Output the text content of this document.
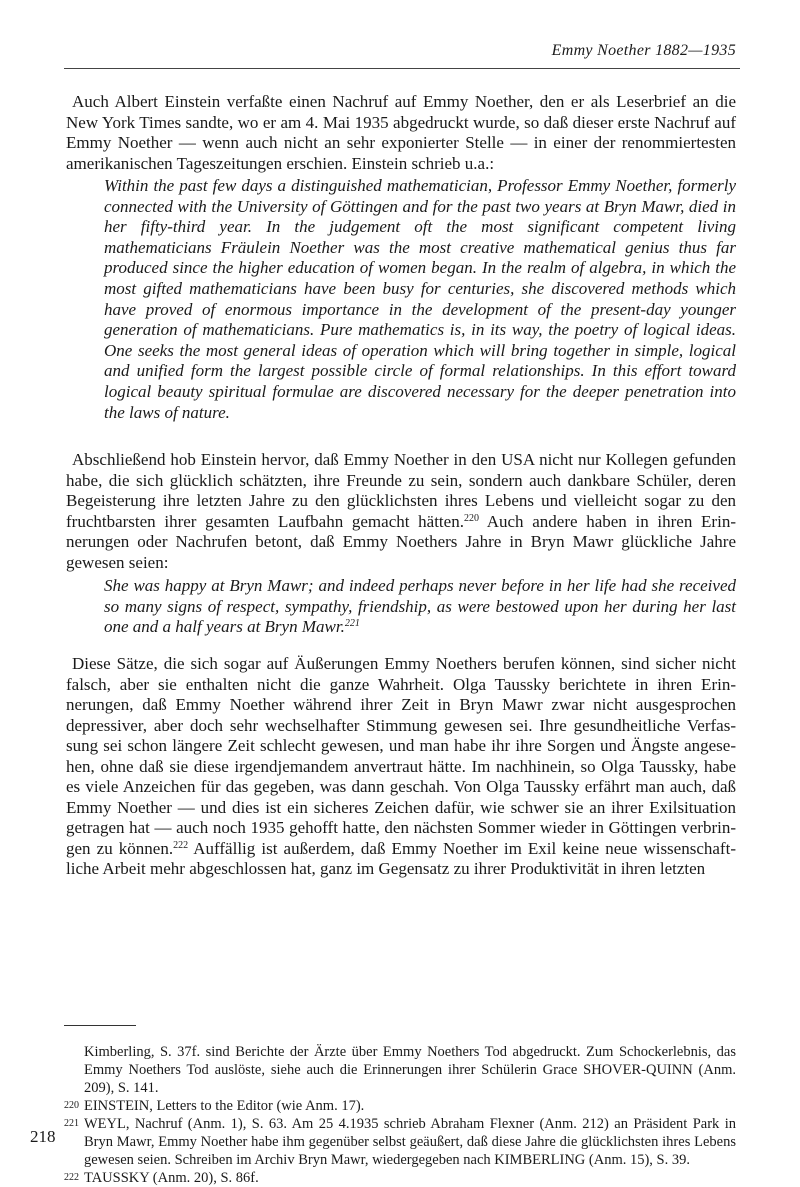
Emmy Noether 1882—1935

Auch Albert Einstein verfaßte einen Nachruf auf Emmy Noether, den er als Leserbrief an die New York Times sandte, wo er am 4. Mai 1935 abgedruckt wurde, so daß dieser erste Nachruf auf Emmy Noether — wenn auch nicht an sehr exponierter Stelle — in einer der renommiertesten amerikanischen Tageszeitungen erschien. Einstein schrieb u.a.:

Within the past few days a distinguished mathematician, Professor Emmy Noether, formerly connected with the University of Göttingen and for the past two years at Bryn Mawr, died in her fifty-third year. In the judgement oft the most significant competent living mathematicians Fräulein Noether was the most creative mathematical genius thus far produced since the higher education of women began. In the realm of algebra, in which the most gifted mathematicians have been busy for centuries, she discovered methods which have proved of enormous importance in the development of the present-day younger generation of mathematicians. Pure mathematics is, in its way, the poetry of logical ideas. One seeks the most general ideas of operation which will bring together in simple, logical and unified form the largest possible circle of formal relationships. In this effort toward logical beauty spiritual formulae are discovered necessary for the deeper penetration into the laws of nature.

Abschließend hob Einstein hervor, daß Emmy Noether in den USA nicht nur Kollegen gefunden habe, die sich glücklich schätzten, ihre Freunde zu sein, sondern auch dankbare Schüler, deren Begeisterung ihre letzten Jahre zu den glücklichsten ihres Lebens und vielleicht sogar zu den fruchtbarsten ihrer gesamten Laufbahn gemacht hätten.$^{220}$ Auch andere haben in ihren Erinnerungen oder Nachrufen betont, daß Emmy Noethers Jahre in Bryn Mawr glückliche Jahre gewesen seien:

She was happy at Bryn Mawr; and indeed perhaps never before in her life had she received so many signs of respect, sympathy, friendship, as were bestowed upon her during her last one and a half years at Bryn Mawr.$^{221}$

Diese Sätze, die sich sogar auf Äußerungen Emmy Noethers berufen können, sind sicher nicht falsch, aber sie enthalten nicht die ganze Wahrheit. Olga Taussky berichtete in ihren Erinnerungen, daß Emmy Noether während ihrer Zeit in Bryn Mawr zwar nicht ausgesprochen depressiver, aber doch sehr wechselhafter Stimmung gewesen sei. Ihre gesundheitliche Verfassung sei schon längere Zeit schlecht gewesen, und man habe ihr ihre Sorgen und Ängste angesehen, ohne daß sie diese irgendjemandem anvertraut hätte. Im nachhinein, so Olga Taussky, habe es viele Anzeichen für das gegeben, was dann geschah. Von Olga Taussky erfährt man auch, daß Emmy Noether — und dies ist ein sicheres Zeichen dafür, wie schwer sie an ihrer Exilsituation getragen hat — auch noch 1935 gehofft hatte, den nächsten Sommer wieder in Göttingen verbringen zu können.$^{222}$ Auffällig ist außerdem, daß Emmy Noether im Exil keine neue wissenschaftliche Arbeit mehr abgeschlossen hat, ganz im Gegensatz zu ihrer Produktivität in ihren letzten

Kimberling, S. 37f. sind Berichte der Ärzte über Emmy Noethers Tod abgedruckt. Zum Schockerlebnis, das Emmy Noethers Tod auslöste, siehe auch die Erinnerungen ihrer Schülerin Grace SHOVER-QUINN (Anm. 209), S. 141.

220 EINSTEIN, Letters to the Editor (wie Anm. 17).

221 WEYL, Nachruf (Anm. 1), S. 63. Am 25 4.1935 schrieb Abraham Flexner (Anm. 212) an Präsident Park in Bryn Mawr, Emmy Noether habe ihm gegenüber selbst geäußert, daß diese Jahre die glücklichsten ihres Lebens gewesen seien. Schreiben im Archiv Bryn Mawr, wiedergegeben nach KIMBERLING (Anm. 15), S. 39.

222 TAUSSKY (Anm. 20), S. 86f.

218
